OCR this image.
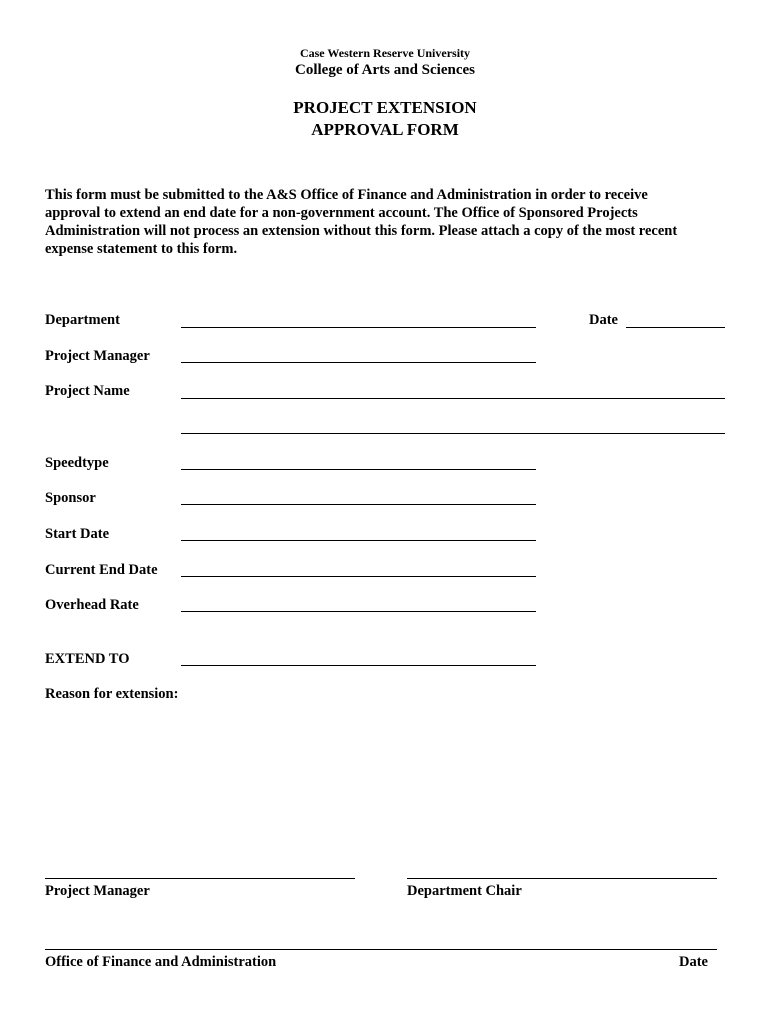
Case Western Reserve University
College of Arts and Sciences
PROJECT EXTENSION
APPROVAL FORM
This form must be submitted to the A&S Office of Finance and Administration in order to receive
approval to extend an end date for a non-government account. The Office of Sponsored Projects
Administration will not process an extension without this form. Please attach a copy of the most recent
expense statement to this form.
Department	Date
Project Manager
Project Name
Speedtype
Sponsor
Start Date
Current End Date
Overhead Rate
EXTEND TO
Reason for extension:
Project Manager	Department Chair
Office of Finance and Administration	Date
